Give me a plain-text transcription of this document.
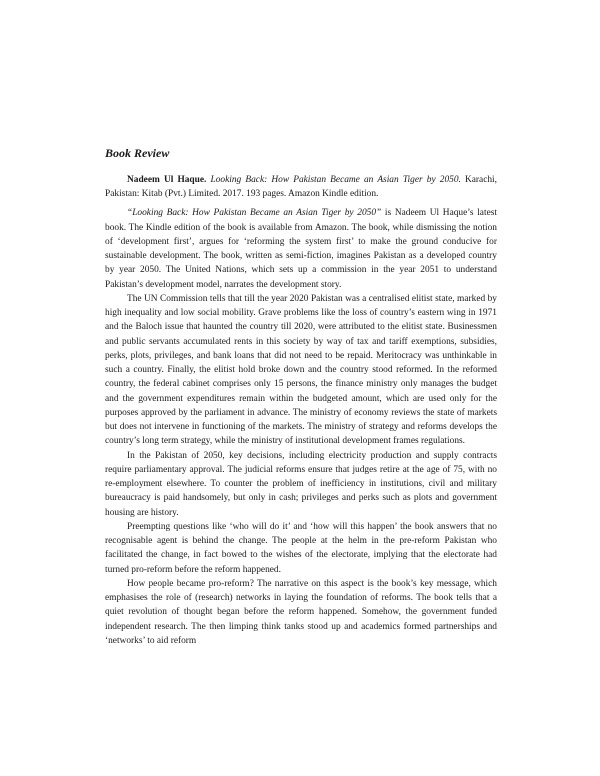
Book Review
Nadeem Ul Haque. Looking Back: How Pakistan Became an Asian Tiger by 2050. Karachi, Pakistan: Kitab (Pvt.) Limited. 2017. 193 pages. Amazon Kindle edition.

“Looking Back: How Pakistan Became an Asian Tiger by 2050” is Nadeem Ul Haque’s latest book. The Kindle edition of the book is available from Amazon. The book, while dismissing the notion of ‘development first’, argues for ‘reforming the system first’ to make the ground conducive for sustainable development. The book, written as semi-fiction, imagines Pakistan as a developed country by year 2050. The United Nations, which sets up a commission in the year 2051 to understand Pakistan’s development model, narrates the development story.

The UN Commission tells that till the year 2020 Pakistan was a centralised elitist state, marked by high inequality and low social mobility. Grave problems like the loss of country’s eastern wing in 1971 and the Baloch issue that haunted the country till 2020, were attributed to the elitist state. Businessmen and public servants accumulated rents in this society by way of tax and tariff exemptions, subsidies, perks, plots, privileges, and bank loans that did not need to be repaid. Meritocracy was unthinkable in such a country. Finally, the elitist hold broke down and the country stood reformed. In the reformed country, the federal cabinet comprises only 15 persons, the finance ministry only manages the budget and the government expenditures remain within the budgeted amount, which are used only for the purposes approved by the parliament in advance. The ministry of economy reviews the state of markets but does not intervene in functioning of the markets. The ministry of strategy and reforms develops the country’s long term strategy, while the ministry of institutional development frames regulations.

In the Pakistan of 2050, key decisions, including electricity production and supply contracts require parliamentary approval. The judicial reforms ensure that judges retire at the age of 75, with no re-employment elsewhere. To counter the problem of inefficiency in institutions, civil and military bureaucracy is paid handsomely, but only in cash; privileges and perks such as plots and government housing are history.

Preempting questions like ‘who will do it’ and ‘how will this happen’ the book answers that no recognisable agent is behind the change. The people at the helm in the pre-reform Pakistan who facilitated the change, in fact bowed to the wishes of the electorate, implying that the electorate had turned pro-reform before the reform happened.

How people became pro-reform? The narrative on this aspect is the book’s key message, which emphasises the role of (research) networks in laying the foundation of reforms. The book tells that a quiet revolution of thought began before the reform happened. Somehow, the government funded independent research. The then limping think tanks stood up and academics formed partnerships and ‘networks’ to aid reform
